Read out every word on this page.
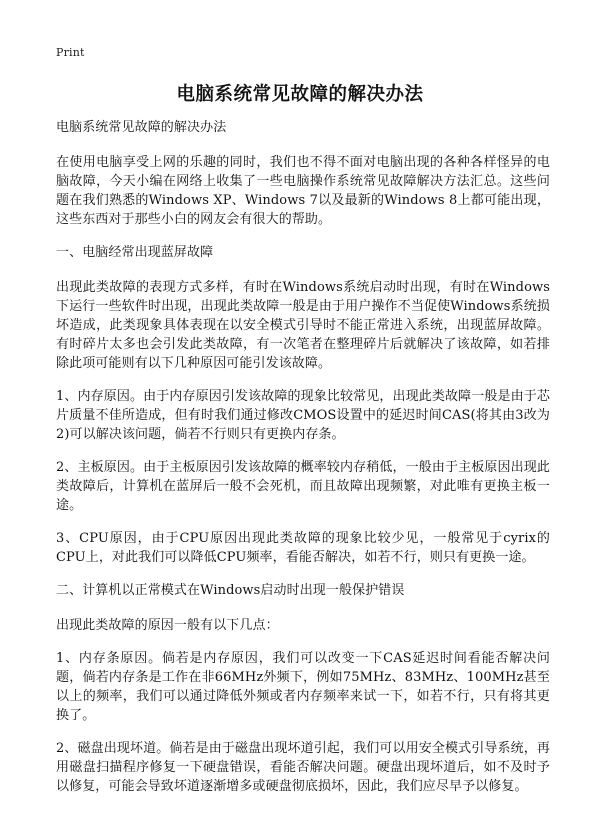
Print
电脑系统常见故障的解决办法

电脑系统常见故障的解决办法

在使用电脑享受上网的乐趣的同时，我们也不得不面对电脑出现的各种各样怪异的电脑故障，今天小编在网络上收集了一些电脑操作系统常见故障解决方法汇总。这些问题在我们熟悉的Windows XP、Windows 7以及最新的Windows 8上都可能出现，这些东西对于那些小白的网友会有很大的帮助。

一、电脑经常出现蓝屏故障

出现此类故障的表现方式多样，有时在Windows系统启动时出现，有时在Windows下运行一些软件时出现，出现此类故障一般是由于用户操作不当促使Windows系统损坏造成，此类现象具体表现在以安全模式引导时不能正常进入系统，出现蓝屏故障。有时碎片太多也会引发此类故障，有一次笔者在整理碎片后就解决了该故障，如若排除此项可能则有以下几种原因可能引发该故障。

1、内存原因。由于内存原因引发该故障的现象比较常见，出现此类故障一般是由于芯片质量不佳所造成，但有时我们通过修改CMOS设置中的延迟时间CAS(将其由3改为2)可以解决该问题，倘若不行则只有更换内存条。

2、主板原因。由于主板原因引发该故障的概率较内存稍低，一般由于主板原因出现此类故障后，计算机在蓝屏后一般不会死机，而且故障出现频繁，对此唯有更换主板一途。

3、CPU原因，由于CPU原因出现此类故障的现象比较少见，一般常见于cyrix的CPU上，对此我们可以降低CPU频率，看能否解决，如若不行，则只有更换一途。

二、计算机以正常模式在Windows启动时出现一般保护错误

出现此类故障的原因一般有以下几点：

1、内存条原因。倘若是内存原因，我们可以改变一下CAS延迟时间看能否解决问题，倘若内存条是工作在非66MHz外频下，例如75MHz、83MHz、100MHz甚至以上的频率，我们可以通过降低外频或者内存频率来试一下，如若不行，只有将其更换了。

2、磁盘出现坏道。倘若是由于磁盘出现坏道引起，我们可以用安全模式引导系统，再用磁盘扫描程序修复一下硬盘错误，看能否解决问题。硬盘出现坏道后，如不及时予以修复，可能会导致坏道逐渐增多或硬盘彻底损坏，因此，我们应尽早予以修复。
